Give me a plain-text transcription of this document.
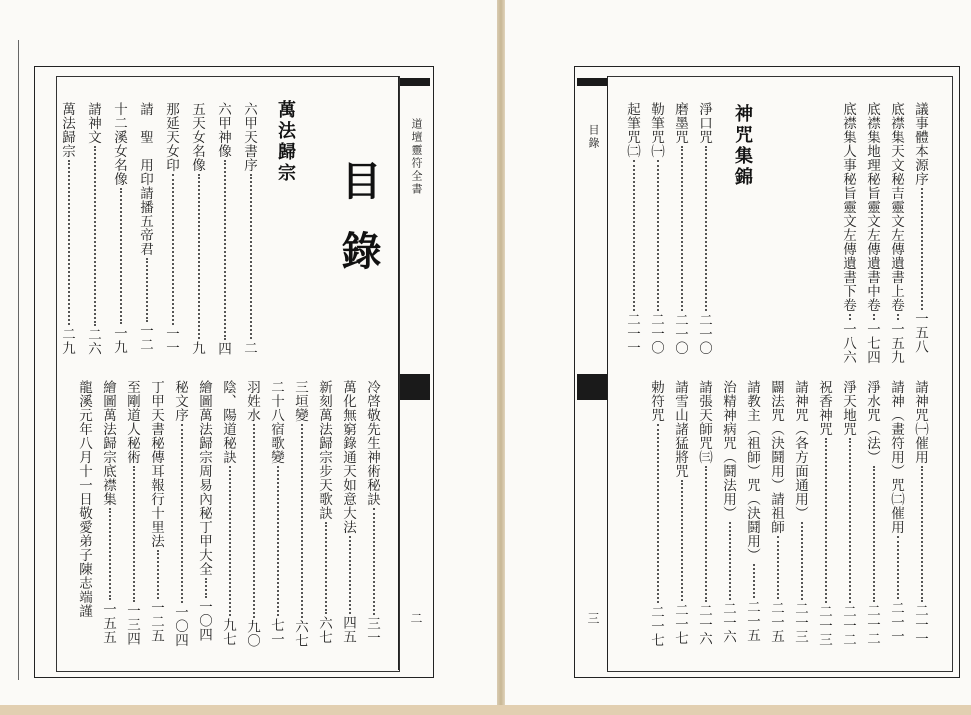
道壇靈符全書
二
目錄
萬法歸宗
六甲天書序二
六甲神像四
五天女名像九
那延天女印一一
請　聖　用印請播五帝君一二
十二溪女名像一九
請神文二六
萬法歸宗二九
冷啓敬先生神術秘訣三一
萬化無窮錄通天如意大法四五
新刻萬法歸宗步天歌訣六七
三垣變六七
二十八宿歌變七一
羽姓水九〇
陰、陽道秘訣九七
繪圖萬法歸宗周易內秘丁甲大全一〇四
秘文序一〇四
丁甲天書秘傳耳報行十里法一二五
至剛道人秘術一三四
繪圖萬法歸宗底襟集一五五
龍溪元年八月十一日敬愛弟子陳志端謹
目錄
三
神咒集錦	議事體本源序一五八
底襟集天文秘吉靈文左傳遺書上卷一五九
底襟集地理秘旨靈文左傳遺書中卷一七四
底襟集人事秘旨靈文左傳遺書下卷一八六
淨口咒二一〇
磨墨咒二一〇
勒筆咒㈠二一〇
起筆咒㈡二一一
請神咒㈠催用二一一
請神（畫符用）咒㈡催用二一一
淨水咒（法）二一二
淨天地咒二一二
祝香神咒二一三
請神咒（各方面通用）二一三
闢法咒（決鬪用）請祖師二一五
請教主（祖師）咒（決鬪用）二一五
治精神病咒（鬪法用）二一六
請張天師咒㈢二一六
請雪山諸猛將咒二一七
勅符咒二一七
